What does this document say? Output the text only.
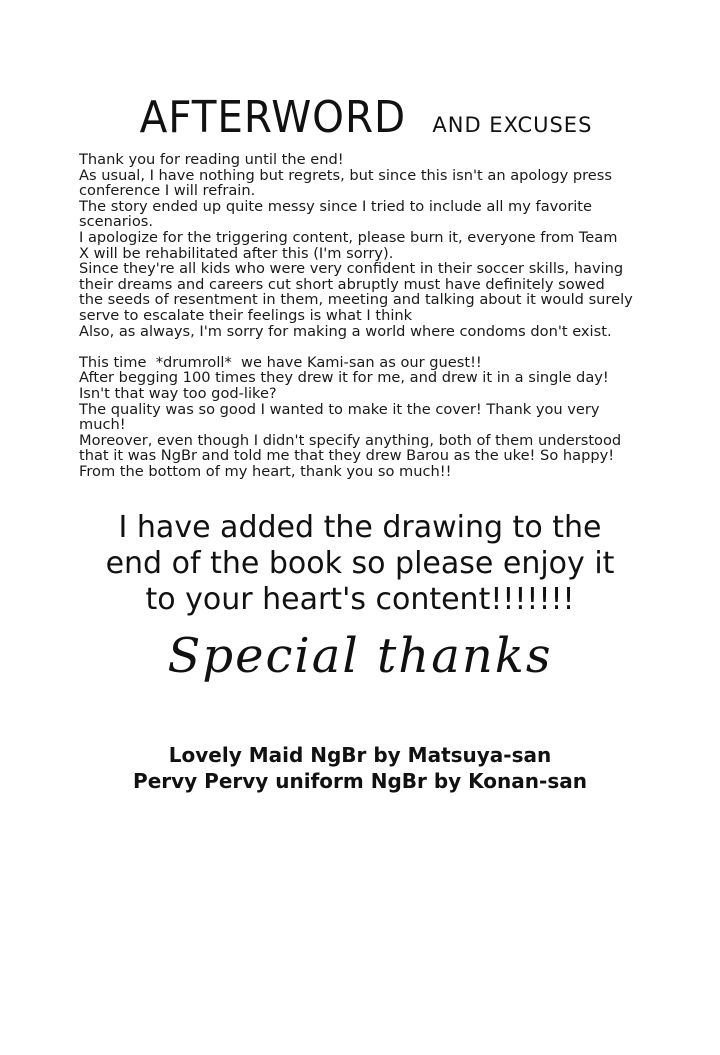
AFTERWORD AND EXCUSES

Thank you for reading until the end!

As usual, I have nothing but regrets, but since this isn't an apology press

conference I will refrain.

The story ended up quite messy since I tried to include all my favorite

scenarios.

I apologize for the triggering content, please burn it, everyone from Team

X will be rehabilitated after this (I'm sorry).

Since they're all kids who were very confident in their soccer skills, having

their dreams and careers cut short abruptly must have definitely sowed

the seeds of resentment in them, meeting and talking about it would surely

serve to escalate their feelings is what I think

Also, as always, I'm sorry for making a world where condoms don't exist.

This time  *drumroll*  we have Kami-san as our guest!!

After begging 100 times they drew it for me, and drew it in a single day!

Isn't that way too god-like?

The quality was so good I wanted to make it the cover! Thank you very

much!

Moreover, even though I didn't specify anything, both of them understood

that it was NgBr and told me that they drew Barou as the uke! So happy!

From the bottom of my heart, thank you so much!!

I have added the drawing to the
end of the book so please enjoy it
to your heart's content!!!!!!!
Special thanks
Lovely Maid NgBr by Matsuya-san
Pervy Pervy uniform NgBr by Konan-san
